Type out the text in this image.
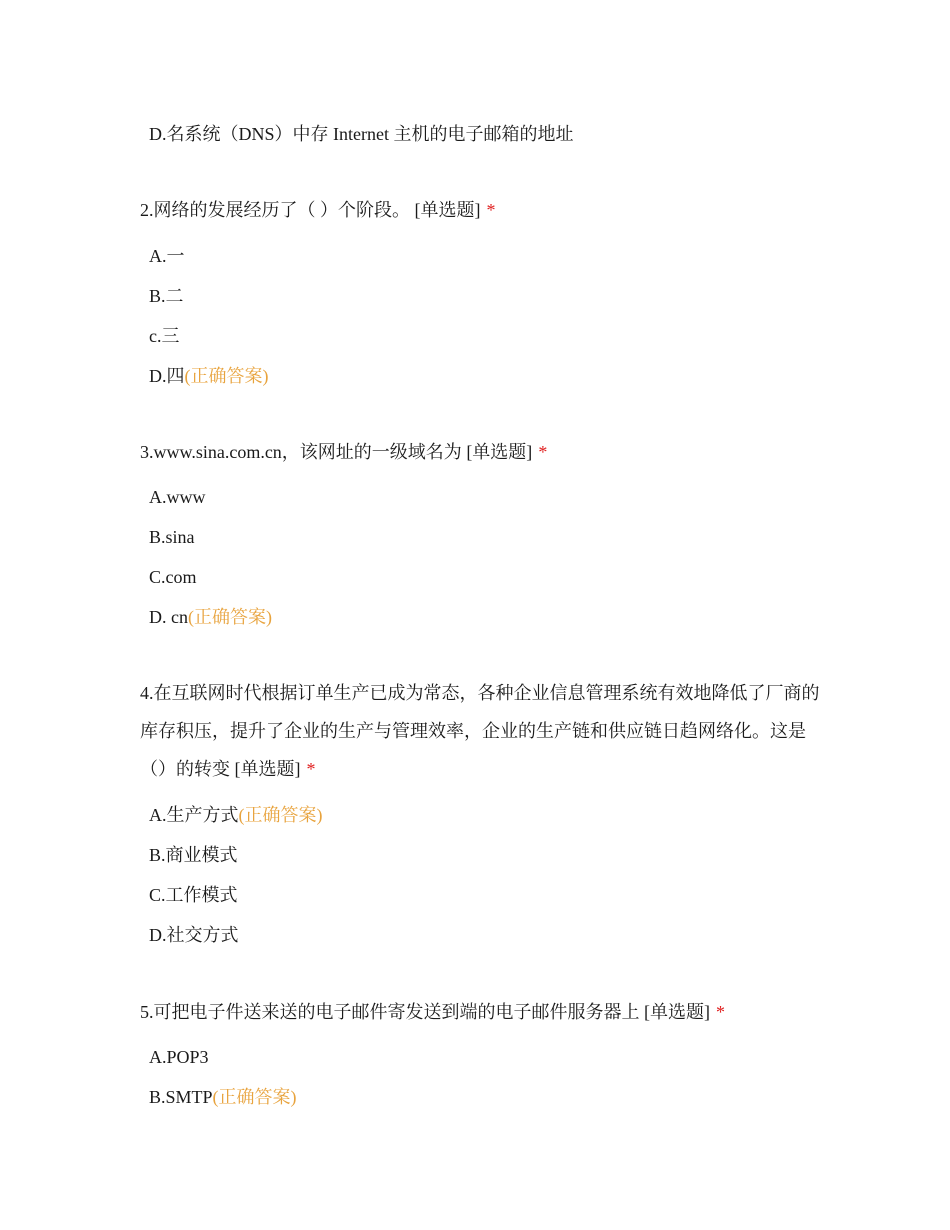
D.名系统（DNS）中存 Internet 主机的电子邮箱的地址
2.网络的发展经历了（ ）个阶段。 [单选题] *
A.一
B.二
c.三
D.四(正确答案)
3.www.sina.com.cn，该网址的一级域名为 [单选题] *
A.www
B.sina
C.com
D. cn(正确答案)
4.在互联网时代根据订单生产已成为常态，各种企业信息管理系统有效地降低了厂商的库存积压，提升了企业的生产与管理效率，企业的生产链和供应链日趋网络化。这是（）的转变 [单选题] *
A.生产方式(正确答案)
B.商业模式
C.工作模式
D.社交方式
5.可把电子件送来送的电子邮件寄发送到端的电子邮件服务器上 [单选题] *
A.POP3
B.SMTP(正确答案)
